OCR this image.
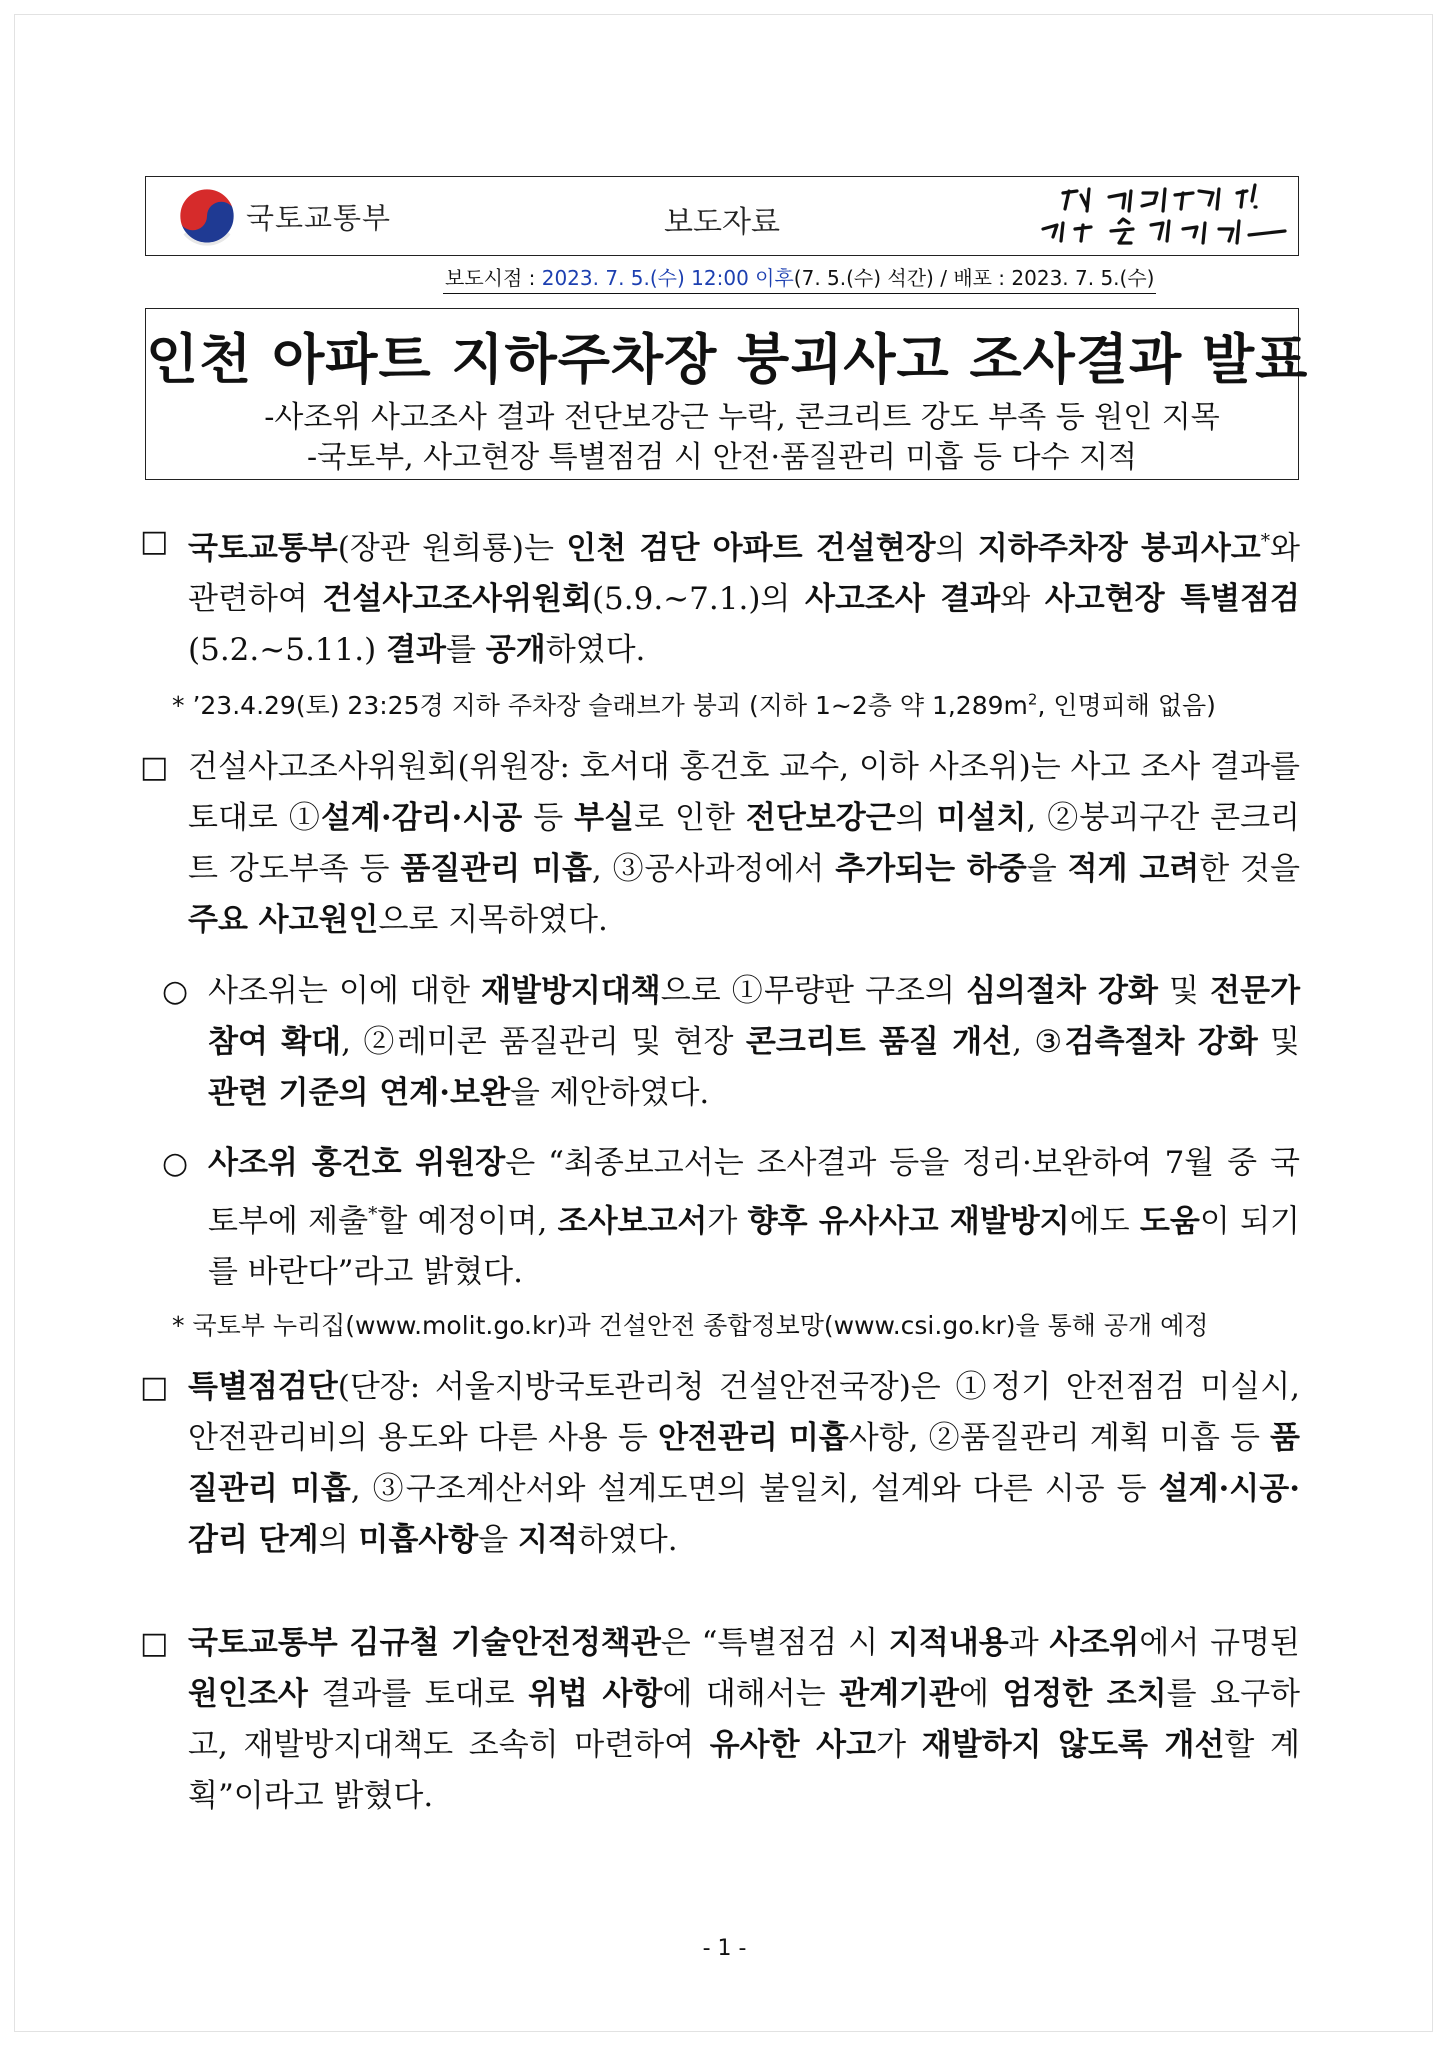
국토교통부	보도자료
보도시점 : 2023. 7. 5.(수) 12:00 이후(7. 5.(수) 석간) / 배포 : 2023. 7. 5.(수)
인천 아파트 지하주차장 붕괴사고 조사결과 발표
-사조위 사고조사 결과 전단보강근 누락, 콘크리트 강도 부족 등 원인 지목
-국토부, 사고현장 특별점검 시 안전·품질관리 미흡 등 다수 지적
□ 국토교통부(장관 원희룡)는 인천 검단 아파트 건설현장의 지하주차장 붕괴사고*와 관련하여 건설사고조사위원회(5.9.~7.1.)의 사고조사 결과와 사고현장 특별점검(5.2.~5.11.) 결과를 공개하였다.
* ’23.4.29(토) 23:25경 지하 주차장 슬래브가 붕괴 (지하 1~2층 약 $1,289m^2$, 인명피해 없음)
□ 건설사고조사위원회(위원장: 호서대 홍건호 교수, 이하 사조위)는 사고 조사 결과를 토대로 ①설계·감리·시공 등 부실로 인한 전단보강근의 미설치, ②붕괴구간 콘크리트 강도부족 등 품질관리 미흡, ③공사과정에서 추가되는 하중을 적게 고려한 것을 주요 사고원인으로 지목하였다.
○ 사조위는 이에 대한 재발방지대책으로 ①무량판 구조의 심의절차 강화 및 전문가 참여 확대, ②레미콘 품질관리 및 현장 콘크리트 품질 개선, ③검측절차 강화 및 관련 기준의 연계·보완을 제안하였다.
○ 사조위 홍건호 위원장은 “최종보고서는 조사결과 등을 정리·보완하여 7월 중 국토부에 제출*할 예정이며, 조사보고서가 향후 유사사고 재발방지에도 도움이 되기를 바란다”라고 밝혔다.
* 국토부 누리집(www.molit.go.kr)과 건설안전 종합정보망(www.csi.go.kr)을 통해 공개 예정
□ 특별점검단(단장: 서울지방국토관리청 건설안전국장)은 ①정기 안전점검 미실시, 안전관리비의 용도와 다른 사용 등 안전관리 미흡사항, ②품질관리 계획 미흡 등 품질관리 미흡, ③구조계산서와 설계도면의 불일치, 설계와 다른 시공 등 설계·시공·감리 단계의 미흡사항을 지적하였다.
□ 국토교통부 김규철 기술안전정책관은 “특별점검 시 지적내용과 사조위에서 규명된 원인조사 결과를 토대로 위법 사항에 대해서는 관계기관에 엄정한 조치를 요구하고, 재발방지대책도 조속히 마련하여 유사한 사고가 재발하지 않도록 개선할 계획”이라고 밝혔다.
- 1 -
